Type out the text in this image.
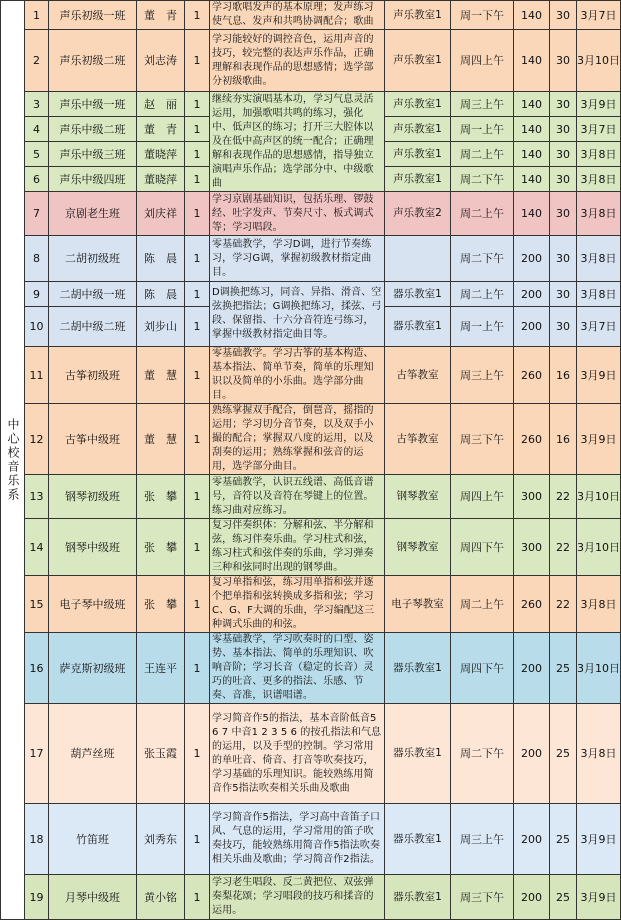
中心校音乐系	1	声乐初级一班	董　青	1	学习歌唱发声的基本原理；发声练习使气息、发声和共鸣协调配合；歌曲	声乐教室1	周一下午	140	30	3月7日
	2	声乐初级二班	刘志涛	1	学习能较好的调控音色，运用声音的技巧，较完整的表达声乐作品，正确理解和表现作品的思想感情；选学部分初级歌曲。	声乐教室1	周四上午	140	30	3月10日
	3	声乐中级一班	赵　丽	1	继续夯实演唱基本功，学习气息灵活运用，加强歌唱共鸣的练习，强化中、低声区的练习；打开三大腔体以及在低中高声区的统一配合；正确理解和表现作品的思想感情，指导独立演唱声乐作品；选学部分中、中级歌曲	声乐教室1	周三上午	140	30	3月9日
	4	声乐中级二班	董　青	1		声乐教室1	周一上午	140	30	3月7日
	5	声乐中级三班	董晓萍	1		声乐教室1	周二上午	140	30	3月8日
	6	声乐中级四班	董晓萍	1		声乐教室1	周二下午	140	30	3月8日
	7	京剧老生班	刘庆祥	1	学习京剧基础知识，包括乐理、锣鼓经、吐字发声、节奏尺寸、板式调式等；学习唱段。	声乐教室2	周二上午	140	30	3月8日
	8	二胡初级班	陈　晨	1	零基础教学，学习D调，进行节奏练习，学习G调，掌握初级教材指定曲目。		周二下午	200	30	3月8日
	9	二胡中级一班	陈　晨	1	D调换把练习，同音、异指、滑音、空弦换把指法；G调换把练习，揉弦、弓段、保留指、十六分音符连弓练习，掌握中级教材指定曲目等。	器乐教室1	周二上午	200	30	3月8日
	10	二胡中级二班	刘步山	1		器乐教室1	周一上午	200	30	3月7日
	11	古筝初级班	董　慧	1	零基础教学。学习古筝的基本构造、基本指法、简单节奏，简单的乐理知识以及简单的小乐曲。选学部分曲目。	古筝教室	周三上午	260	16	3月9日
	12	古筝中级班	董　慧	1	熟练掌握双手配合，倒琶音，摇指的运用；学习切分音节奏，以及双手小撮的配合；掌握双八度的运用，以及刮奏的运用；熟练掌握和弦音的运用，选学部分曲目。	古筝教室	周三下午	260	16	3月9日
	13	钢琴初级班	张　攀	1	零基础教学，认识五线谱、高低音谱号，音符以及音符在琴键上的位置。练习曲对应练习。	钢琴教室	周四上午	300	22	3月10日
	14	钢琴中级班	张　攀	1	复习伴奏织体：分解和弦、半分解和弦，练习伴奏乐曲。学习柱式和弦，练习柱式和弦伴奏的乐曲，学习弹奏三种和弦同时出现的钢琴曲。	钢琴教室	周四下午	300	22	3月10日
	15	电子琴中级班	张　攀	1	复习单指和弦，练习用单指和弦并逐个把单指和弦转换成多指和弦；学习C、G、F大调的乐曲，学习编配这三种调式乐曲的和弦。	电子琴教室	周二上午	260	22	3月8日
	16	萨克斯初级班	王连平	1	零基础教学，学习吹奏时的口型、姿势、基本指法、简单的乐理知识、吹响音阶；学习长音（稳定的长音）灵巧的吐音、更多的指法、乐感、节奏、音准，识谱唱谱。	器乐教室1	周四下午	200	25	3月10日
	17	葫芦丝班	张玉霞	1	学习简音作5的指法，基本音阶低音5 6 7 中音1 2 3 5 6 的按孔指法和气息的运用，以及手型的控制。学习常用的单吐音、倚音、打音等吹奏技巧，学习基础的乐理知识。能较熟练用简音作5指法吹奏相关乐曲及歌曲	器乐教室1	周二下午	200	25	3月8日
	18	竹笛班	刘秀东	1	学习简音作5指法，学习高中音笛子口风、气息的运用，学习常用的笛子吹奏技巧，能较熟练用简音作5指法吹奏相关乐曲及歌曲；学习简音作2指法。	器乐教室1	周三上午	200	25	3月9日
	19	月琴中级班	黄小铭	1	学习老生唱段、反二黄把位、双弦弹奏梨花颂；学习唱段的技巧和揉音的运用。	器乐教室1	周三下午	200	25	3月9日
